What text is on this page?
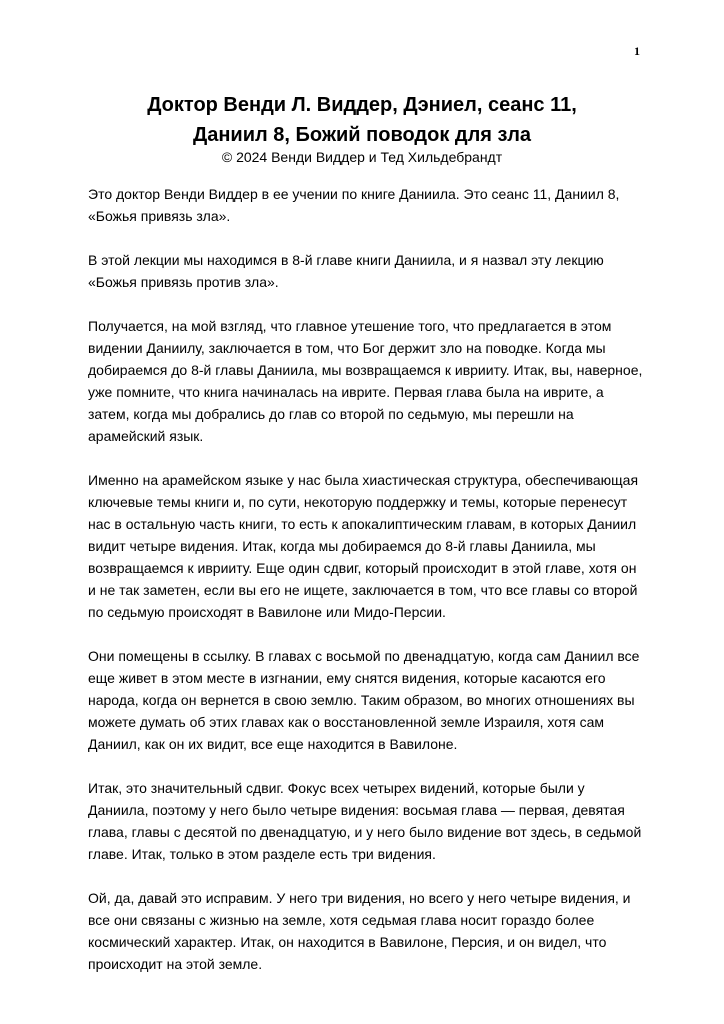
1
Доктор Венди Л. Виддер, Дэниел, сеанс 11,
Даниил 8, Божий поводок для зла
© 2024 Венди Виддер и Тед Хильдебрандт

Это доктор Венди Виддер в ее учении по книге Даниила. Это сеанс 11, Даниил 8, «Божья привязь зла».

В этой лекции мы находимся в 8-й главе книги Даниила, и я назвал эту лекцию «Божья привязь против зла».

Получается, на мой взгляд, что главное утешение того, что предлагается в этом видении Даниилу, заключается в том, что Бог держит зло на поводке. Когда мы добираемся до 8-й главы Даниила, мы возвращаемся к иврииту. Итак, вы, наверное, уже помните, что книга начиналась на иврите. Первая глава была на иврите, а затем, когда мы добрались до глав со второй по седьмую, мы перешли на арамейский язык.

Именно на арамейском языке у нас была хиастическая структура, обеспечивающая ключевые темы книги и, по сути, некоторую поддержку и темы, которые перенесут нас в остальную часть книги, то есть к апокалиптическим главам, в которых Даниил видит четыре видения. Итак, когда мы добираемся до 8-й главы Даниила, мы возвращаемся к иврииту. Еще один сдвиг, который происходит в этой главе, хотя он и не так заметен, если вы его не ищете, заключается в том, что все главы со второй по седьмую происходят в Вавилоне или Мидо-Персии.

Они помещены в ссылку. В главах с восьмой по двенадцатую, когда сам Даниил все еще живет в этом месте в изгнании, ему снятся видения, которые касаются его народа, когда он вернется в свою землю. Таким образом, во многих отношениях вы можете думать об этих главах как о восстановленной земле Израиля, хотя сам Даниил, как он их видит, все еще находится в Вавилоне.

Итак, это значительный сдвиг. Фокус всех четырех видений, которые были у Даниила, поэтому у него было четыре видения: восьмая глава — первая, девятая глава, главы с десятой по двенадцатую, и у него было видение вот здесь, в седьмой главе. Итак, только в этом разделе есть три видения.

Ой, да, давай это исправим. У него три видения, но всего у него четыре видения, и все они связаны с жизнью на земле, хотя седьмая глава носит гораздо более космический характер. Итак, он находится в Вавилоне, Персия, и он видел, что происходит на этой земле.
